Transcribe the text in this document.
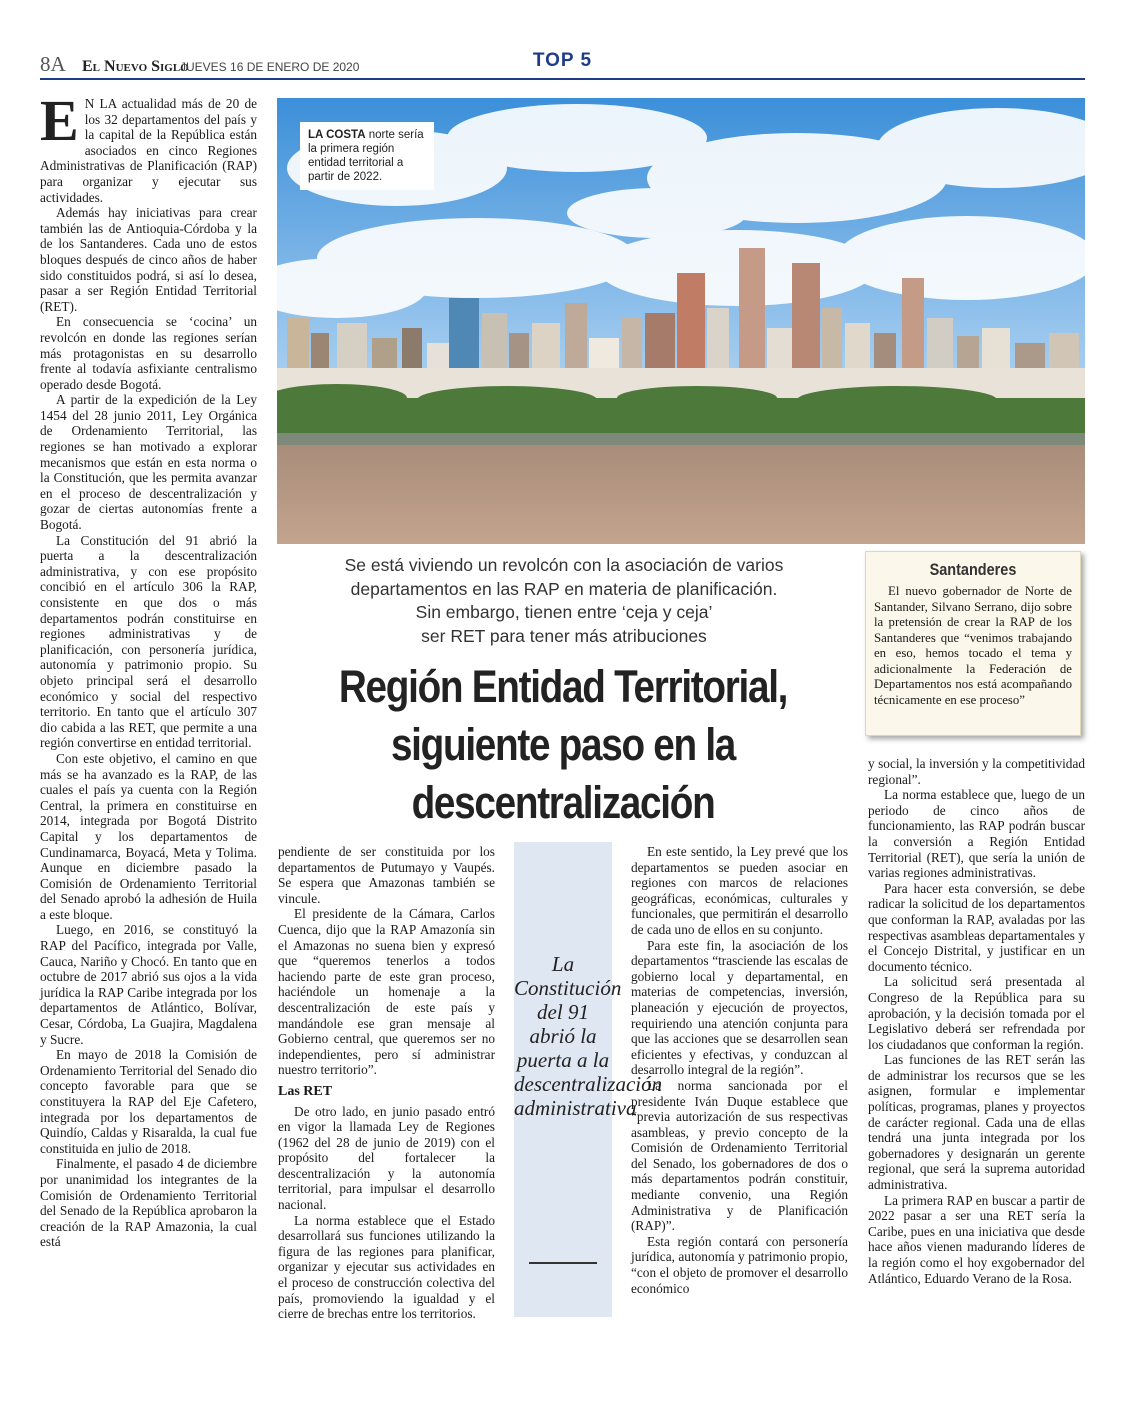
8A El Nuevo Siglo
JUEVES 16 DE ENERO DE 2020	TOP 5

E N LA actualidad más de 20 de los 32 departamentos del país y la capital de la República están asociados en cinco Regiones Administrativas de Planificación (RAP) para organizar y ejecutar sus actividades.

Además hay iniciativas para crear también las de Antioquia-Córdoba y la de los Santanderes. Cada uno de estos bloques después de cinco años de haber sido constituidos podrá, si así lo desea, pasar a ser Región Entidad Territorial (RET).

En consecuencia se ‘cocina’ un revolcón en donde las regiones serían más protagonistas en su desarrollo frente al todavía asfixiante centralismo operado desde Bogotá.

A partir de la expedición de la Ley 1454 del 28 junio 2011, Ley Orgánica de Ordenamiento Territorial, las regiones se han motivado a explorar mecanismos que están en esta norma o la Constitución, que les permita avanzar en el proceso de descentralización y gozar de ciertas autonomías frente a Bogotá.

La Constitución del 91 abrió la puerta a la descentralización administrativa, y con ese propósito concibió en el artículo 306 la RAP, consistente en que dos o más departamentos podrán constituirse en regiones administrativas y de planificación, con personería jurídica, autonomía y patrimonio propio. Su objeto principal será el desarrollo económico y social del respectivo territorio. En tanto que el artículo 307 dio cabida a las RET, que permite a una región convertirse en entidad territorial.

Con este objetivo, el camino en que más se ha avanzado es la RAP, de las cuales el país ya cuenta con la Región Central, la primera en constituirse en 2014, integrada por Bogotá Distrito Capital y los departamentos de Cundinamarca, Boyacá, Meta y Tolima. Aunque en diciembre pasado la Comisión de Ordenamiento Territorial del Senado aprobó la adhesión de Huila a este bloque.

Luego, en 2016, se constituyó la RAP del Pacífico, integrada por Valle, Cauca, Nariño y Chocó. En tanto que en octubre de 2017 abrió sus ojos a la vida jurídica la RAP Caribe integrada por los departamentos de Atlántico, Bolívar, Cesar, Córdoba, La Guajira, Magdalena y Sucre.

En mayo de 2018 la Comisión de Ordenamiento Territorial del Senado dio concepto favorable para que se constituyera la RAP del Eje Cafetero, integrada por los departamentos de Quindío, Caldas y Risaralda, la cual fue constituida en julio de 2018.

Finalmente, el pasado 4 de diciembre por unanimidad los integrantes de la Comisión de Ordenamiento Territorial del Senado de la República aprobaron la creación de la RAP Amazonia, la cual está

LA COSTA norte sería la primera región entidad territorial a partir de 2022.
Se está viviendo un revolcón con la asociación de varios
departamentos en las RAP en materia de planificación.
Sin embargo, tienen entre ‘ceja y ceja’
ser RET para tener más atribuciones
Región Entidad Territorial,
siguiente paso en la
descentralización
Santanderes
El nuevo gobernador de Norte de Santander, Silvano Serrano, dijo sobre la pretensión de crear la RAP de los Santanderes que “venimos trabajando en eso, hemos tocado el tema y adicionalmente la Federación de Departamentos nos está acompañando técnicamente en ese proceso”

pendiente de ser constituida por los departamentos de Putumayo y Vaupés. Se espera que Amazonas también se vincule.

El presidente de la Cámara, Carlos Cuenca, dijo que la RAP Amazonía sin el Amazonas no suena bien y expresó que “queremos tenerlos a todos haciendo parte de este gran proceso, haciéndole un homenaje a la descentralización de este país y mandándole ese gran mensaje al Gobierno central, que queremos ser no independientes, pero sí administrar nuestro territorio”.

Las RET

De otro lado, en junio pasado entró en vigor la llamada Ley de Regiones (1962 del 28 de junio de 2019) con el propósito del fortalecer la descentralización y la autonomía territorial, para impulsar el desarrollo nacional.

La norma establece que el Estado desarrollará sus funciones utilizando la figura de las regiones para planificar, organizar y ejecutar sus actividades en el proceso de construcción colectiva del país, promoviendo la igualdad y el cierre de brechas entre los territorios.

La Constitución del 91 abrió la puerta a la descentralización administrativa

En este sentido, la Ley prevé que los departamentos se pueden asociar en regiones con marcos de relaciones geográficas, económicas, culturales y funcionales, que permitirán el desarrollo de cada uno de ellos en su conjunto.

Para este fin, la asociación de los departamentos “trasciende las escalas de gobierno local y departamental, en materias de competencias, inversión, planeación y ejecución de proyectos, requiriendo una atención conjunta para que las acciones que se desarrollen sean eficientes y efectivas, y conduzcan al desarrollo integral de la región”.

La norma sancionada por el presidente Iván Duque establece que “previa autorización de sus respectivas asambleas, y previo concepto de la Comisión de Ordenamiento Territorial del Senado, los gobernadores de dos o más departamentos podrán constituir, mediante convenio, una Región Administrativa y de Planificación (RAP)”.

Esta región contará con personería jurídica, autonomía y patrimonio propio, “con el objeto de promover el desarrollo económico

y social, la inversión y la competitividad regional”.

La norma establece que, luego de un periodo de cinco años de funcionamiento, las RAP podrán buscar la conversión a Región Entidad Territorial (RET), que sería la unión de varias regiones administrativas.

Para hacer esta conversión, se debe radicar la solicitud de los departamentos que conforman la RAP, avaladas por las respectivas asambleas departamentales y el Concejo Distrital, y justificar en un documento técnico.

La solicitud será presentada al Congreso de la República para su aprobación, y la decisión tomada por el Legislativo deberá ser refrendada por los ciudadanos que conforman la región.

Las funciones de las RET serán las de administrar los recursos que se les asignen, formular e implementar políticas, programas, planes y proyectos de carácter regional. Cada una de ellas tendrá una junta integrada por los gobernadores y designarán un gerente regional, que será la suprema autoridad administrativa.

La primera RAP en buscar a partir de 2022 pasar a ser una RET sería la Caribe, pues en una iniciativa que desde hace años vienen madurando líderes de la región como el hoy exgobernador del Atlántico, Eduardo Verano de la Rosa.
